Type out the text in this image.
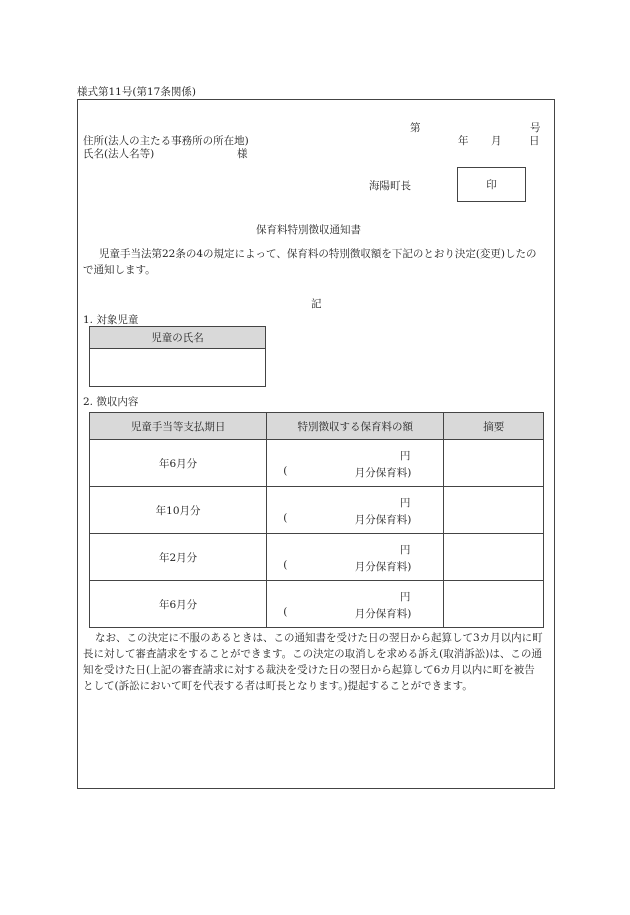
様式第11号(第17条関係)
第	号
住所(法人の主たる事務所の所在地)	年 月	日
氏名(法人名等)	様
海陽町長	印
保育料特別徴収通知書
児童手当法第22条の4の規定によって、保育料の特別徴収額を下記のとおり決定(変更)したので通知します。
記
1. 対象児童
児童の氏名

2. 徴収内容
児童手当等支払期日	特別徴収する保育料の額	摘要
年6月分	円
( 月分保育料)	

年10月分	円
( 月分保育料)	

年2月分	円
( 月分保育料)	

年6月分	円
( 月分保育料)	

なお、この決定に不服のあるときは、この通知書を受けた日の翌日から起算して3カ月以内に町長に対して審査請求をすることができます。この決定の取消しを求める訴え(取消訴訟)は、この通知を受けた日(上記の審査請求に対する裁決を受けた日の翌日から起算して6カ月以内に町を被告として(訴訟において町を代表する者は町長となります。)提起することができます。
